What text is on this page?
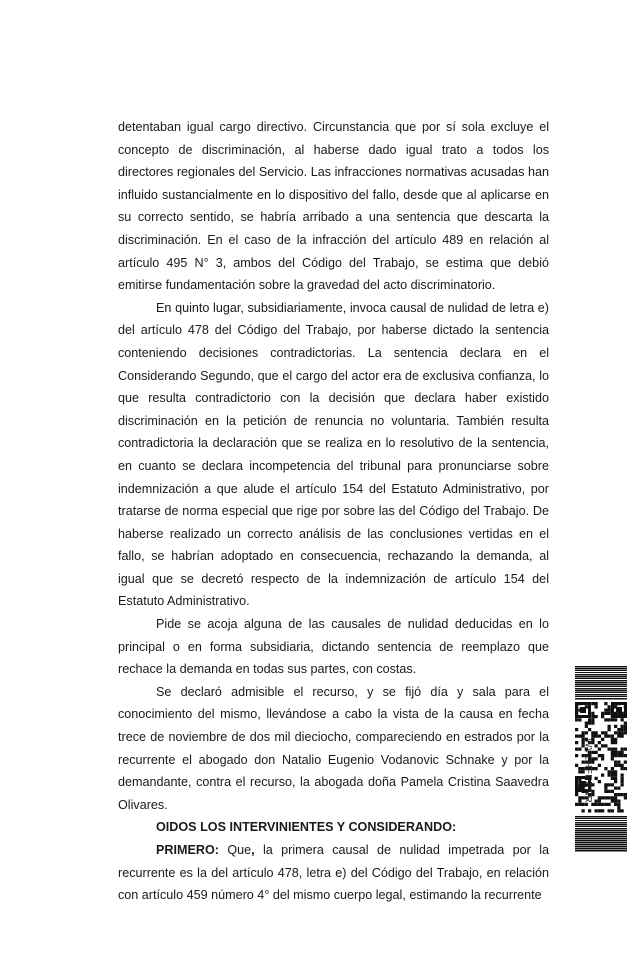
detentaban igual cargo directivo. Circunstancia que por sí sola excluye el concepto de discriminación, al haberse dado igual trato a todos los directores regionales del Servicio. Las infracciones normativas acusadas han influido sustancialmente en lo dispositivo del fallo, desde que al aplicarse en su correcto sentido, se habría arribado a una sentencia que descarta la discriminación. En el caso de la infracción del artículo 489 en relación al artículo 495 N° 3, ambos del Código del Trabajo, se estima que debió emitirse fundamentación sobre la gravedad del acto discriminatorio.

En quinto lugar, subsidiariamente, invoca causal de nulidad de letra e) del artículo 478 del Código del Trabajo, por haberse dictado la sentencia conteniendo decisiones contradictorias. La sentencia declara en el Considerando Segundo, que el cargo del actor era de exclusiva confianza, lo que resulta contradictorio con la decisión que declara haber existido discriminación en la petición de renuncia no voluntaria. También resulta contradictoria la declaración que se realiza en lo resolutivo de la sentencia, en cuanto se declara incompetencia del tribunal para pronunciarse sobre indemnización a que alude el artículo 154 del Estatuto Administrativo, por tratarse de norma especial que rige por sobre las del Código del Trabajo. De haberse realizado un correcto análisis de las conclusiones vertidas en el fallo, se habrían adoptado en consecuencia, rechazando la demanda, al igual que se decretó respecto de la indemnización de artículo 154 del Estatuto Administrativo.

Pide se acoja alguna de las causales de nulidad deducidas en lo principal o en forma subsidiaria, dictando sentencia de reemplazo que rechace la demanda en todas sus partes, con costas.

Se declaró admisible el recurso, y se fijó día y sala para el conocimiento del mismo, llevándose a cabo la vista de la causa en fecha trece de noviembre de dos mil dieciocho, compareciendo en estrados por la recurrente el abogado don Natalio Eugenio Vodanovic Schnake y por la demandante, contra el recurso, la abogada doña Pamela Cristina Saavedra Olivares.

OIDOS LOS INTERVINIENTES Y CONSIDERANDO:

PRIMERO: Que, la primera causal de nulidad impetrada por la recurrente es la del artículo 478, letra e) del Código del Trabajo, en relación con artículo 459 número 4° del mismo cuerpo legal, estimando la recurrente

WVLHFERNR
